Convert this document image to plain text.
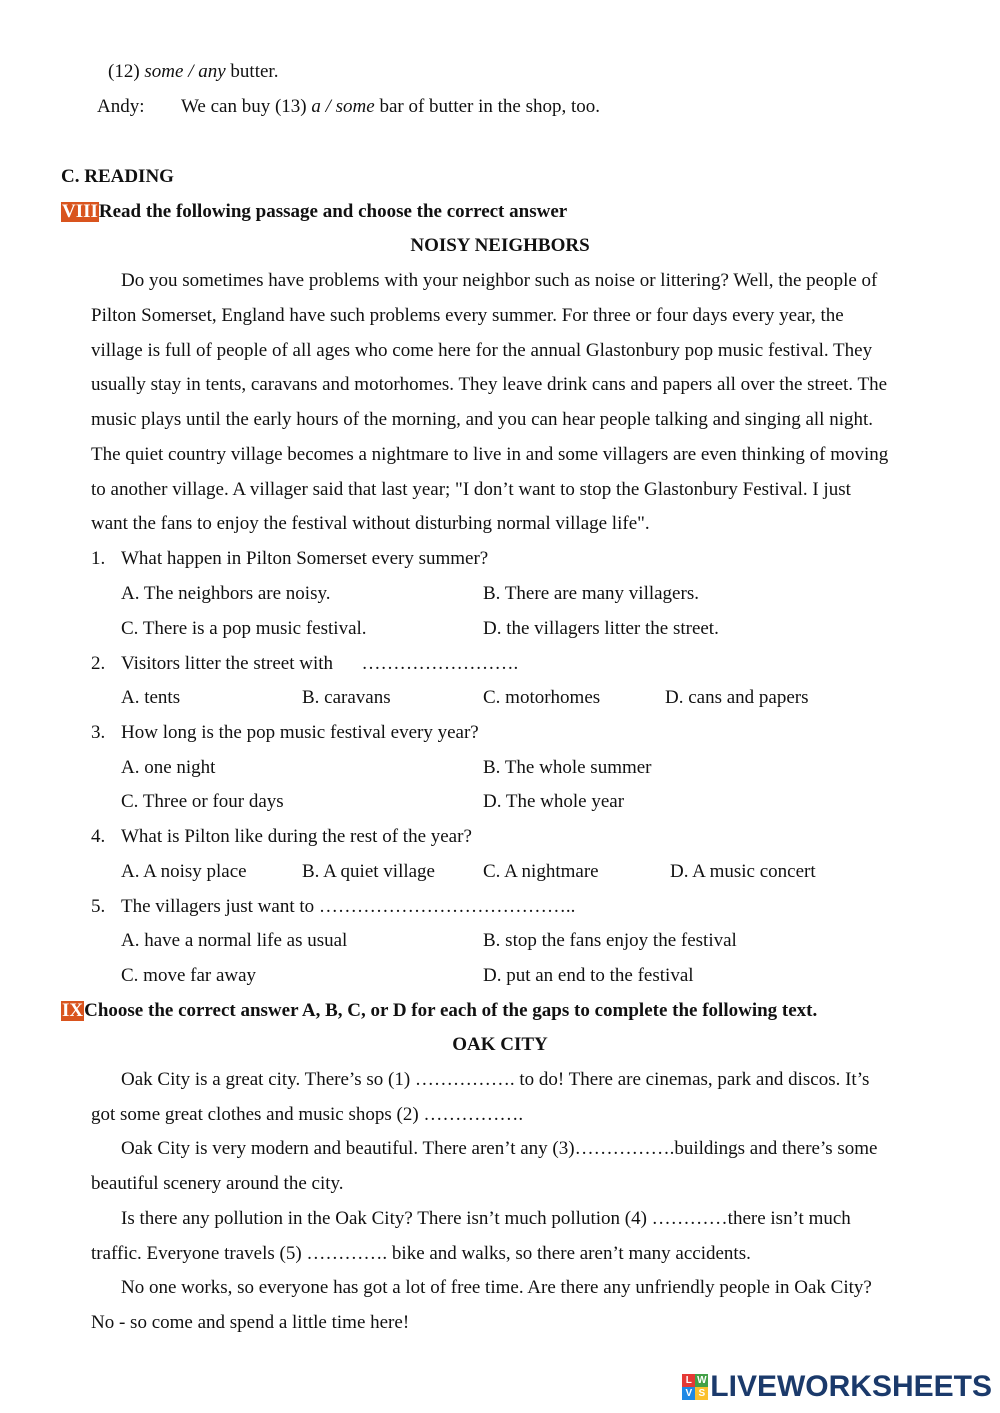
(12) some / any butter.
Andy: We can buy (13) a / some bar of butter in the shop, too.
C. READING
VIIIRead the following passage and choose the correct answer
NOISY NEIGHBORS
Do you sometimes have problems with your neighbor such as noise or littering? Well, the people of
Pilton Somerset, England have such problems every summer. For three or four days every year, the
village is full of people of all ages who come here for the annual Glastonbury pop music festival. They
usually stay in tents, caravans and motorhomes. They leave drink cans and papers all over the street. The
music plays until the early hours of the morning, and you can hear people talking and singing all night.
The quiet country village becomes a nightmare to live in and some villagers are even thinking of moving
to another village. A villager said that last year; "I don’t want to stop the Glastonbury Festival. I just
want the fans to enjoy the festival without disturbing normal village life".
1. What happen in Pilton Somerset every summer?
A. The neighbors are noisy.	B. There are many villagers.
C. There is a pop music festival.	D. the villagers litter the street.
2. Visitors litter the street with      …………………….
A. tents	B. caravans	C. motorhomes	D. cans and papers
3. How long is the pop music festival every year?
A. one night	B. The whole summer
C. Three or four days	D. The whole year
4. What is Pilton like during the rest of the year?
A. A noisy place	B. A quiet village	C. A nightmare	D. A music concert
5. The villagers just want to …………………………………..
A. have a normal life as usual	B. stop the fans enjoy the festival
C. move far away	D. put an end to the festival
IXChoose the correct answer A, B, C, or D for each of the gaps to complete the following text.
OAK CITY
Oak City is a great city. There’s so (1) ……………. to do! There are cinemas, park and discos. It’s
got some great clothes and music shops (2) …………….
Oak City is very modern and beautiful. There aren’t any (3)…………….buildings and there’s some
beautiful scenery around the city.
Is there any pollution in the Oak City? There isn’t much pollution (4) …………there isn’t much
traffic. Everyone travels (5) …………. bike and walks, so there aren’t many accidents.
No one works, so everyone has got a lot of free time. Are there any unfriendly people in Oak City?
No - so come and spend a little time here!
L W
V S LIVEWORKSHEETS
